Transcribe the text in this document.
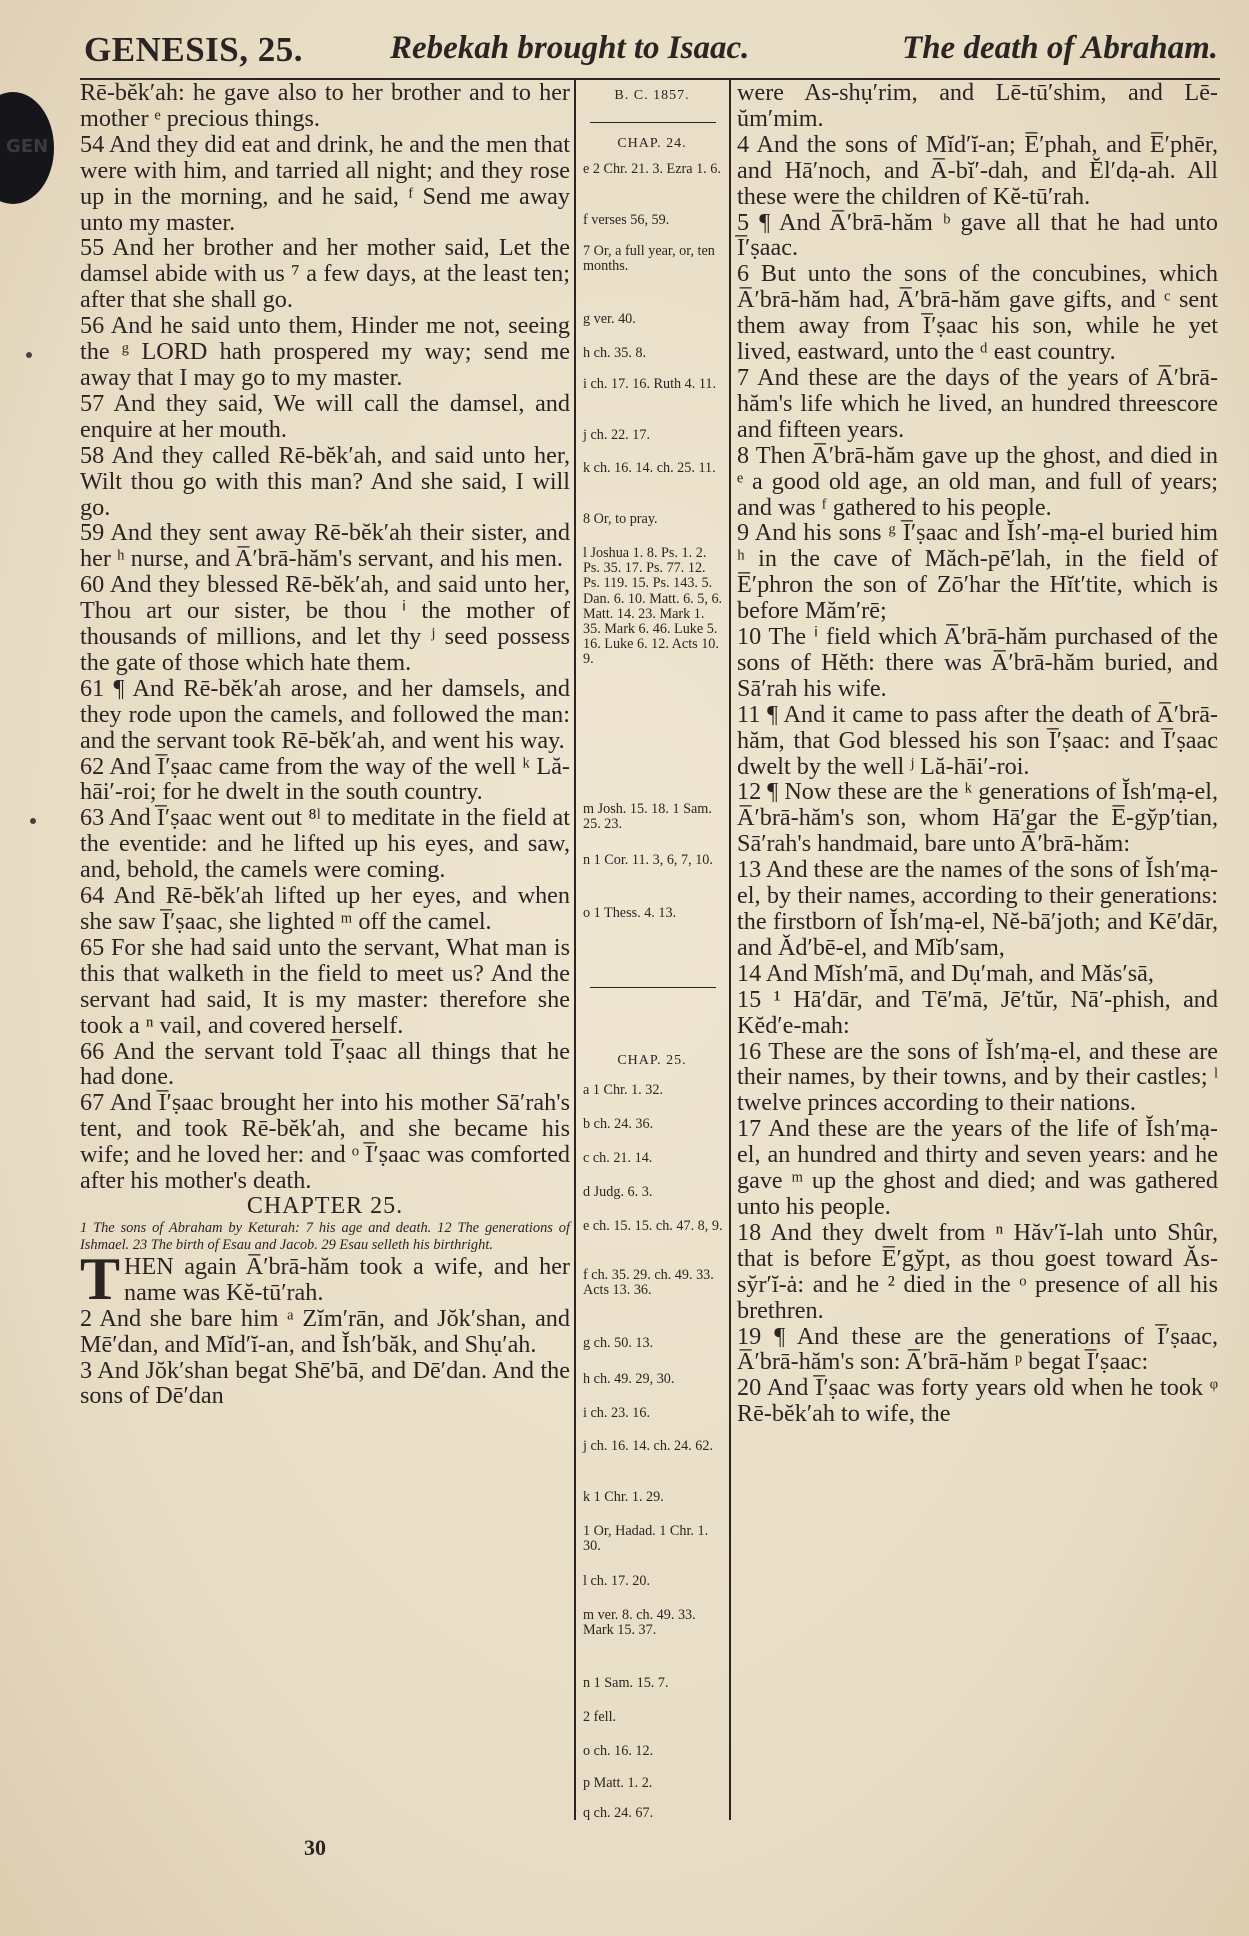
GEN
GENESIS, 25.	Rebekah brought to Isaac.	The death of Abraham.

Rē-bĕk′ah: he gave also to her brother and to her mother ᵉ precious things.

54 And they did eat and drink, he and the men that were with him, and tarried all night; and they rose up in the morning, and he said, ᶠ Send me away unto my master.

55 And her brother and her mother said, Let the damsel abide with us ⁷ a few days, at the least ten; after that she shall go.

56 And he said unto them, Hinder me not, seeing the ᵍ LORD hath prospered my way; send me away that I may go to my master.

57 And they said, We will call the damsel, and enquire at her mouth.

58 And they called Rē-bĕk′ah, and said unto her, Wilt thou go with this man? And she said, I will go.

59 And they sent away Rē-bĕk′ah their sister, and her ʰ nurse, and A̅′brā-hăm's servant, and his men.

60 And they blessed Rē-bĕk′ah, and said unto her, Thou art our sister, be thou ⁱ the mother of thousands of millions, and let thy ʲ seed possess the gate of those which hate them.

61 ¶ And Rē-bĕk′ah arose, and her damsels, and they rode upon the camels, and followed the man: and the servant took Rē-bĕk′ah, and went his way.

62 And I̅′ṣaac came from the way of the well ᵏ Lă-hāi′-roi; for he dwelt in the south country.

63 And I̅′ṣaac went out ⁸ˡ to meditate in the field at the eventide: and he lifted up his eyes, and saw, and, behold, the camels were coming.

64 And Rē-bĕk′ah lifted up her eyes, and when she saw I̅′ṣaac, she lighted ᵐ off the camel.

65 For she had said unto the servant, What man is this that walketh in the field to meet us? And the servant had said, It is my master: therefore she took a ⁿ vail, and covered herself.

66 And the servant told I̅′ṣaac all things that he had done.

67 And I̅′ṣaac brought her into his mother Sā′rah's tent, and took Rē-bĕk′ah, and she became his wife; and he loved her: and ᵒ I̅′ṣaac was comforted after his mother's death.

CHAPTER 25.

1 The sons of Abraham by Keturah: 7 his age and death. 12 The generations of Ishmael. 23 The birth of Esau and Jacob. 29 Esau selleth his birthright.

THEN again A̅′brā-hăm took a wife, and her name was Kĕ-tū′rah.

2 And she bare him ᵃ Zĭm′rān, and Jŏk′shan, and Mē′dan, and Mĭd′ĭ-an, and Ĭsh′băk, and Shụ′ah.

3 And Jŏk′shan begat Shē′bā, and Dē′dan. And the sons of Dē′dan

B. C. 1857.
CHAP. 24.
e 2 Chr. 21. 3. Ezra 1. 6.
f verses 56, 59.
7 Or, a full year, or, ten months.
g ver. 40.
h ch. 35. 8.
i ch. 17. 16. Ruth 4. 11.
j ch. 22. 17.
k ch. 16. 14. ch. 25. 11.
8 Or, to pray.
l Joshua 1. 8. Ps. 1. 2. Ps. 35. 17. Ps. 77. 12. Ps. 119. 15. Ps. 143. 5. Dan. 6. 10. Matt. 6. 5, 6. Matt. 14. 23. Mark 1. 35. Mark 6. 46. Luke 5. 16. Luke 6. 12. Acts 10. 9.
m Josh. 15. 18. 1 Sam. 25. 23.
n 1 Cor. 11. 3, 6, 7, 10.
o 1 Thess. 4. 13.
CHAP. 25.
a 1 Chr. 1. 32.
b ch. 24. 36.
c ch. 21. 14.
d Judg. 6. 3.
e ch. 15. 15. ch. 47. 8, 9.
f ch. 35. 29. ch. 49. 33. Acts 13. 36.
g ch. 50. 13.
h ch. 49. 29, 30.
i ch. 23. 16.
j ch. 16. 14. ch. 24. 62.
k 1 Chr. 1. 29.
1 Or, Hadad. 1 Chr. 1. 30.
l ch. 17. 20.
m ver. 8. ch. 49. 33. Mark 15. 37.
n 1 Sam. 15. 7.
2 fell.
o ch. 16. 12.
p Matt. 1. 2.
q ch. 24. 67.

were As-shụ′rim, and Lē-tū′shim, and Lē-ŭm′mim.

4 And the sons of Mĭd′ĭ-an; E̅′phah, and E̅′phēr, and Hā′noch, and A̅-bĭ′-dah, and Ĕl′dạ-ah. All these were the children of Kĕ-tū′rah.

5 ¶ And A̅′brā-hăm ᵇ gave all that he had unto I̅′ṣaac.

6 But unto the sons of the concubines, which A̅′brā-hăm had, A̅′brā-hăm gave gifts, and ᶜ sent them away from I̅′ṣaac his son, while he yet lived, eastward, unto the ᵈ east country.

7 And these are the days of the years of A̅′brā-hăm's life which he lived, an hundred threescore and fifteen years.

8 Then A̅′brā-hăm gave up the ghost, and died in ᵉ a good old age, an old man, and full of years; and was ᶠ gathered to his people.

9 And his sons ᵍ I̅′ṣaac and Ĭsh′-mạ-el buried him ʰ in the cave of Măch-pē′lah, in the field of E̅′phron the son of Zō′har the Hĭt′tite, which is before Măm′rē;

10 The ⁱ field which A̅′brā-hăm purchased of the sons of Hĕth: there was A̅′brā-hăm buried, and Sā′rah his wife.

11 ¶ And it came to pass after the death of A̅′brā-hăm, that God blessed his son I̅′ṣaac: and I̅′ṣaac dwelt by the well ʲ Lă-hāi′-roi.

12 ¶ Now these are the ᵏ generations of Ĭsh′mạ-el, A̅′brā-hăm's son, whom Hā′gar the E̅-gy̆p′tian, Sā′rah's handmaid, bare unto A̅′brā-hăm:

13 And these are the names of the sons of Ĭsh′mạ-el, by their names, according to their generations: the firstborn of Ĭsh′mạ-el, Nĕ-bā′joth; and Kē′dār, and Ăd′bē-el, and Mĭb′sam,

14 And Mĭsh′mā, and Dụ′mah, and Măs′sā,

15 ¹ Hā′dār, and Tē′mā, Jē′tŭr, Nā′-phish, and Kĕd′e-mah:

16 These are the sons of Ĭsh′mạ-el, and these are their names, by their towns, and by their castles; ˡ twelve princes according to their nations.

17 And these are the years of the life of Ĭsh′mạ-el, an hundred and thirty and seven years: and he gave ᵐ up the ghost and died; and was gathered unto his people.

18 And they dwelt from ⁿ Hăv′ĭ-lah unto Shûr, that is before E̅′gy̆pt, as thou goest toward Ăs-sy̆r′ĭ-ȧ: and he ² died in the ᵒ presence of all his brethren.

19 ¶ And these are the generations of I̅′ṣaac, A̅′brā-hăm's son: A̅′brā-hăm ᵖ begat I̅′ṣaac:

20 And I̅′ṣaac was forty years old when he took ᵠ Rē-bĕk′ah to wife, the

30
